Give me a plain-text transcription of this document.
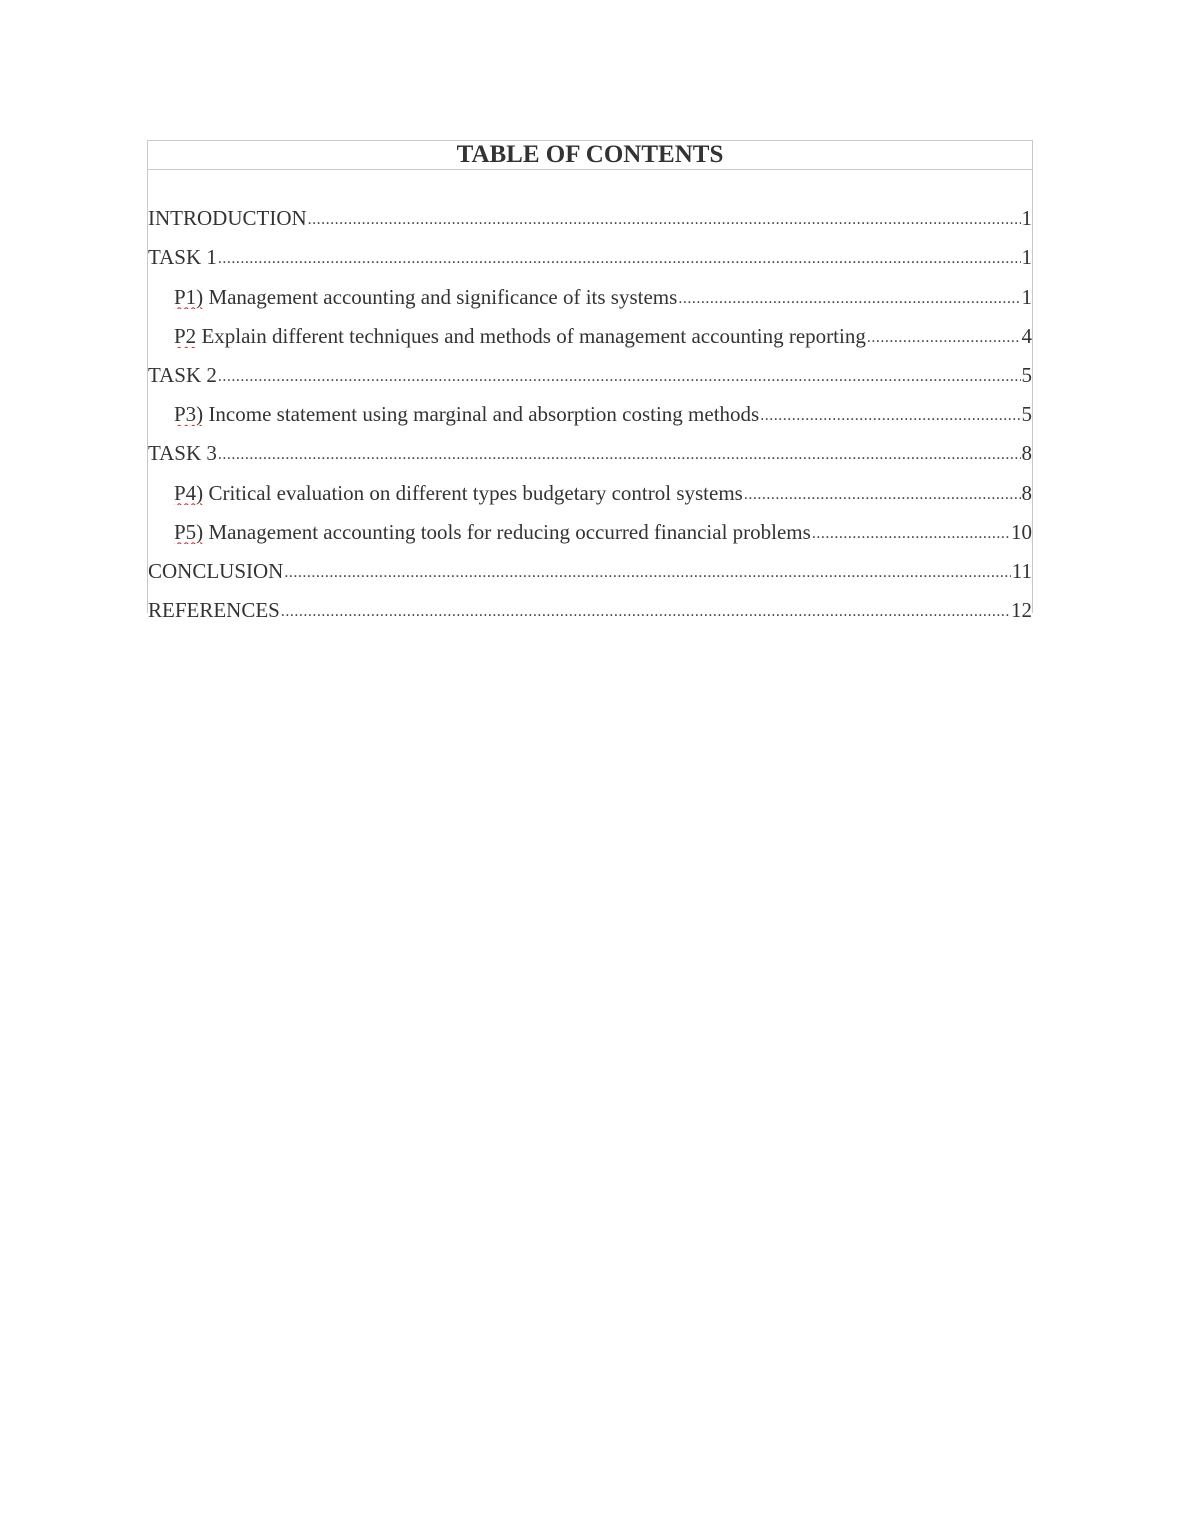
TABLE OF CONTENTS
INTRODUCTION .....	1
TASK 1 .....	1
P1) Management accounting and significance of its systems .....	1
P2 Explain different techniques and methods of management accounting reporting .....	4
TASK 2 .....	5
P3) Income statement using marginal and absorption costing methods .....	5
TASK 3 .....	8
P4) Critical evaluation on different types budgetary control systems .....	8
P5) Management accounting tools for reducing occurred financial problems .....	10
CONCLUSION .....	11
REFERENCES .....	12
